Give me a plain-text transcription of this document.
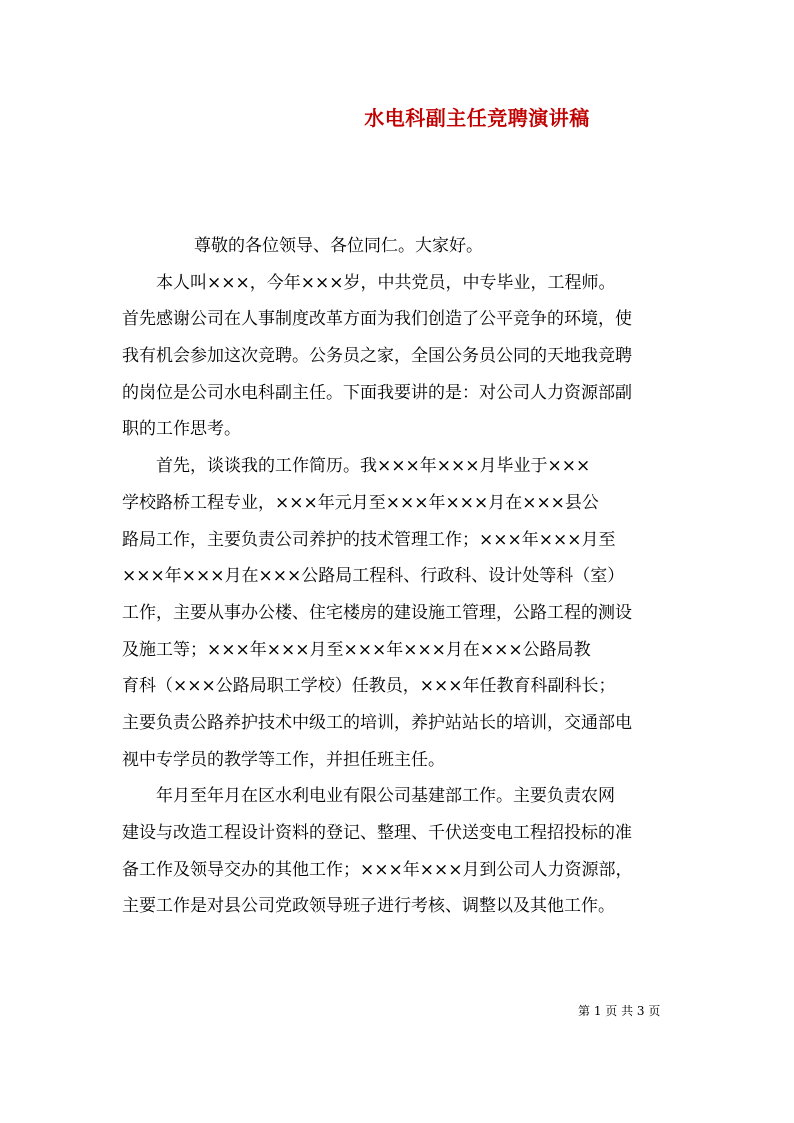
水电科副主任竞聘演讲稿
尊敬的各位领导、各位同仁。大家好。
本人叫×××，今年×××岁，中共党员，中专毕业，工程师。
首先感谢公司在人事制度改革方面为我们创造了公平竞争的环境，使
我有机会参加这次竞聘。公务员之家，全国公务员公同的天地我竞聘
的岗位是公司水电科副主任。下面我要讲的是：对公司人力资源部副
职的工作思考。
首先，谈谈我的工作简历。我×××年×××月毕业于×××
学校路桥工程专业，×××年元月至×××年×××月在×××县公
路局工作，主要负责公司养护的技术管理工作；×××年×××月至
×××年×××月在×××公路局工程科、行政科、设计处等科（室）
工作，主要从事办公楼、住宅楼房的建设施工管理，公路工程的测设
及施工等；×××年×××月至×××年×××月在×××公路局教
育科（×××公路局职工学校）任教员，×××年任教育科副科长；
主要负责公路养护技术中级工的培训，养护站站长的培训，交通部电
视中专学员的教学等工作，并担任班主任。
年月至年月在区水利电业有限公司基建部工作。主要负责农网
建设与改造工程设计资料的登记、整理、千伏送变电工程招投标的准
备工作及领导交办的其他工作；×××年×××月到公司人力资源部，
主要工作是对县公司党政领导班子进行考核、调整以及其他工作。
第 1 页 共 3 页
